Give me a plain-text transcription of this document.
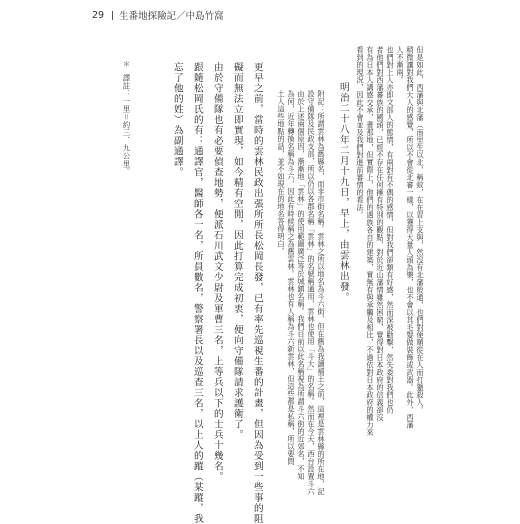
29 生番地探險記／中島竹窩
但是如此，西藩與北藩（南里生以北，稱蚊，在在習上支與，然沒有北藩般通，也們對便順從在人而打獵殺人。
稍微讓對我們大人的感覺，所以不會從北審一樣，以獲得大量人頭為樂，也不會以其毛髮做裝飾或武器。此外，西藩
人不漸兩。
也們對上人亦即文部人的態情，有兩對有不偶的感情，但對我們卻類有好感，然而深被勸擊，然失委對我們也仍
者他們對西藩蕃族的國頭，已經不存在任何擁有特別的觀點，對於近山藩情雖然困窮，覺得對日本政府的信義卻沒
有為日本人講感交承，畫那地，但實際上，他們的遇族各自的建築，實無有與承觸及相比，不過依對日本政府的權力來
看到的現況，因此不會並及我們對進前審情的看法。
明治二十八年二月十九日，早上，由雲林出發。
附記：所謂雲林為舊縣名，而非市街名稱。雲林之所以地名為斗六街，但在舊為我讀補王之前，這裡是雲林縣的所在地，記
設守備隊及民政支部，所以仍以各郡名稱「雲林」的名號稱通用，雲林也使用「斗大」的名稱。然而在今天，西台設置斗六
由於上述兩個原因，漸漸地「雲林」的使用範圍廣泛等於城鎮名稱。我們目前以此名稱視為所謂斗六街的近郊名，不知
為何，近年轉換名稱為斗六，因此有時候稱之為舊雲林。雲林也有人稱為斗六新雲林，但這些都是私稱，所以要問
土人這些地點的話，並不如現在的地名答得明白。
更早之前，當時的雲林民政出張所所長松岡長發，已有率先巡視生番的計畫，但因為受到一些事的阻
礙而無法立即實現，如今精有空閒，因此打算完成初衷，便向守備隊請求護衛了。
由於守備隊也有必要偵查地勢，便派石川武文少尉及軍曹三名，上等兵以下的士兵十幾名。
跟隨松岡氏的有：通譯官，醫師各一名，所員數名，警察署長以及巡查三名，以上人的蹤（某蹤，我
忘了他的姓）為副通譯。
＊
譯註：一里＝約三．九公里。
